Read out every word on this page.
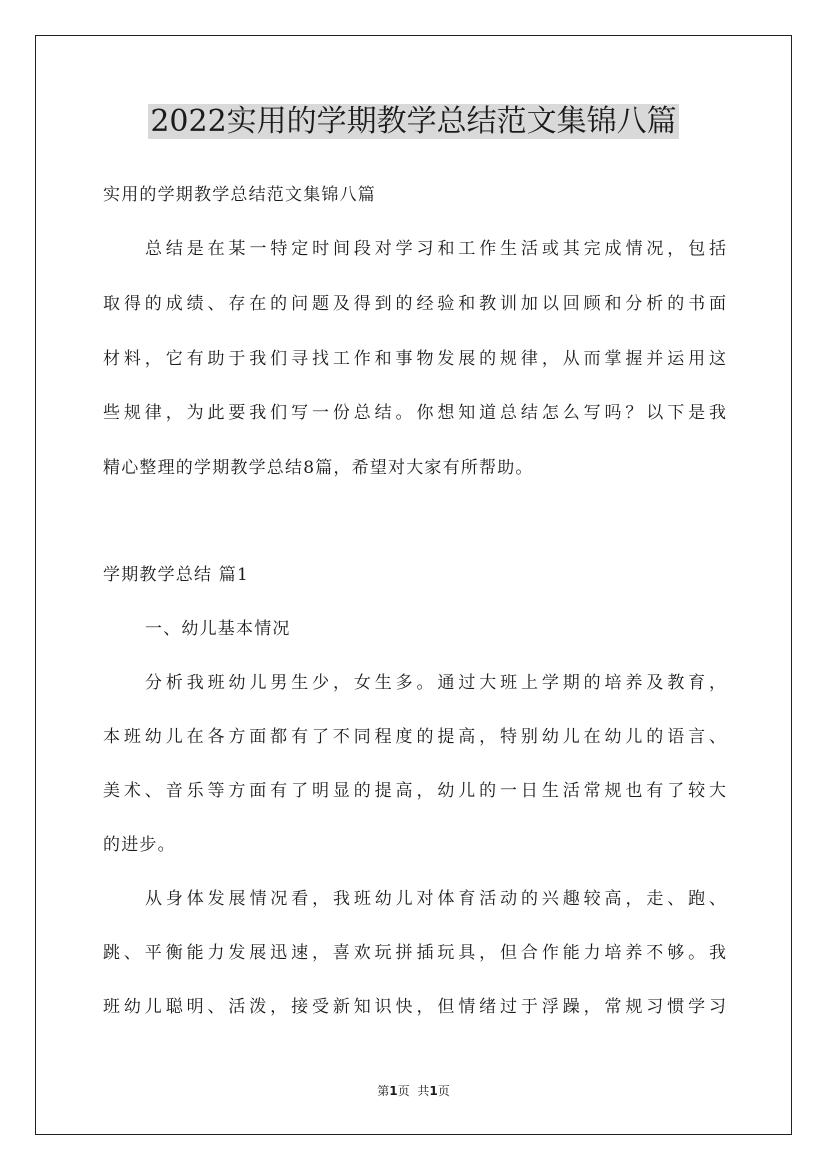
2022实用的学期教学总结范文集锦八篇
实用的学期教学总结范文集锦八篇
总结是在某一特定时间段对学习和工作生活或其完成情况，包括
取得的成绩、存在的问题及得到的经验和教训加以回顾和分析的书面
材料，它有助于我们寻找工作和事物发展的规律，从而掌握并运用这
些规律，为此要我们写一份总结。你想知道总结怎么写吗？以下是我
精心整理的学期教学总结8篇，希望对大家有所帮助。
学期教学总结 篇1
一、幼儿基本情况
分析我班幼儿男生少，女生多。通过大班上学期的培养及教育，
本班幼儿在各方面都有了不同程度的提高，特别幼儿在幼儿的语言、
美术、音乐等方面有了明显的提高，幼儿的一日生活常规也有了较大
的进步。
从身体发展情况看，我班幼儿对体育活动的兴趣较高，走、跑、
跳、平衡能力发展迅速，喜欢玩拼插玩具，但合作能力培养不够。我
班幼儿聪明、活泼，接受新知识快，但情绪过于浮躁，常规习惯学习
第1页 共1页
